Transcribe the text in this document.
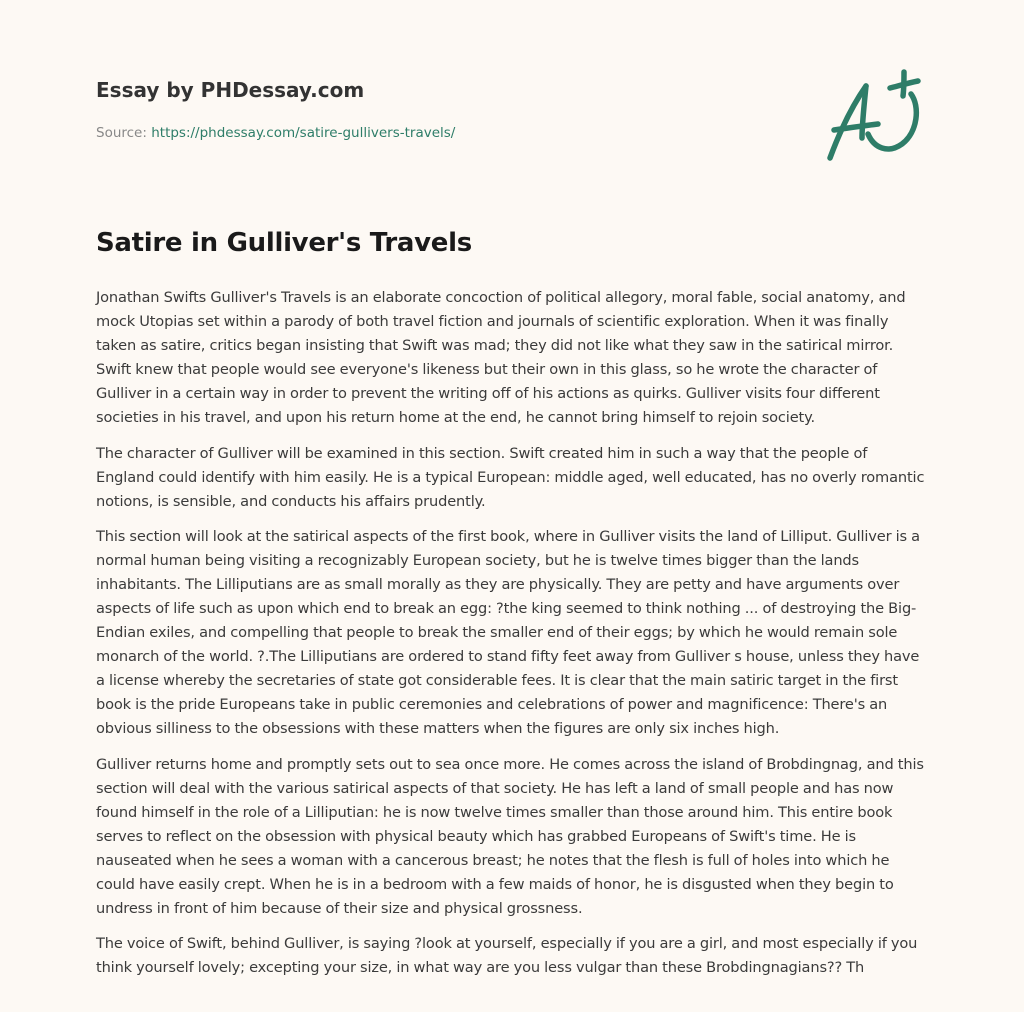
Essay by PHDessay.com
Source: https://phdessay.com/satire-gullivers-travels/
Satire in Gulliver's Travels

Jonathan Swifts Gulliver's Travels is an elaborate concoction of political allegory, moral fable, social anatomy, and mock Utopias set within a parody of both travel fiction and journals of scientific exploration. When it was finally taken as satire, critics began insisting that Swift was mad; they did not like what they saw in the satirical mirror. Swift knew that people would see everyone's likeness but their own in this glass, so he wrote the character of Gulliver in a certain way in order to prevent the writing off of his actions as quirks. Gulliver visits four different societies in his travel, and upon his return home at the end, he cannot bring himself to rejoin society.

The character of Gulliver will be examined in this section. Swift created him in such a way that the people of England could identify with him easily. He is a typical European: middle aged, well educated, has no overly romantic notions, is sensible, and conducts his affairs prudently.

This section will look at the satirical aspects of the first book, where in Gulliver visits the land of Lilliput. Gulliver is a normal human being visiting a recognizably European society, but he is twelve times bigger than the lands inhabitants. The Lilliputians are as small morally as they are physically. They are petty and have arguments over aspects of life such as upon which end to break an egg: ?the king seemed to think nothing ... of destroying the Big-Endian exiles, and compelling that people to break the smaller end of their eggs; by which he would remain sole monarch of the world. ?.The Lilliputians are ordered to stand fifty feet away from Gulliver s house, unless they have a license whereby the secretaries of state got considerable fees. It is clear that the main satiric target in the first book is the pride Europeans take in public ceremonies and celebrations of power and magnificence: There's an obvious silliness to the obsessions with these matters when the figures are only six inches high.

Gulliver returns home and promptly sets out to sea once more. He comes across the island of Brobdingnag, and this section will deal with the various satirical aspects of that society. He has left a land of small people and has now found himself in the role of a Lilliputian: he is now twelve times smaller than those around him. This entire book serves to reflect on the obsession with physical beauty which has grabbed Europeans of Swift's time. He is nauseated when he sees a woman with a cancerous breast; he notes that the flesh is full of holes into which he could have easily crept. When he is in a bedroom with a few maids of honor, he is disgusted when they begin to undress in front of him because of their size and physical grossness.

The voice of Swift, behind Gulliver, is saying ?look at yourself, especially if you are a girl, and most especially if you think yourself lovely; excepting your size, in what way are you less vulgar than these Brobdingnagians?? Th
